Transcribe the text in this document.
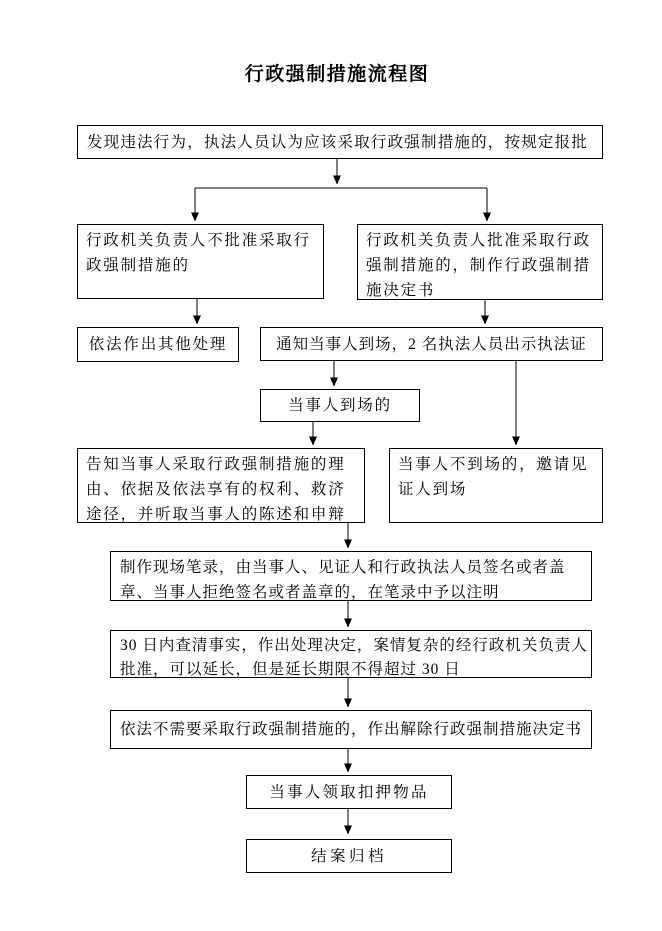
行政强制措施流程图
发现违法行为，执法人员认为应该采取行政强制措施的，按规定报批
行政机关负责人不批准采取行政强制措施的
行政机关负责人批准采取行政强制措施的，制作行政强制措施决定书
依法作出其他处理	通知当事人到场，2 名执法人员出示执法证
当事人到场的
告知当事人采取行政强制措施的理由、依据及依法享有的权利、救济途径，并听取当事人的陈述和申辩
当事人不到场的，邀请见证人到场
制作现场笔录，由当事人、见证人和行政执法人员签名或者盖章、当事人拒绝签名或者盖章的，在笔录中予以注明
30 日内查清事实，作出处理决定，案情复杂的经行政机关负责人批准，可以延长，但是延长期限不得超过 30 日
依法不需要采取行政强制措施的，作出解除行政强制措施决定书
当事人领取扣押物品
结案归档
